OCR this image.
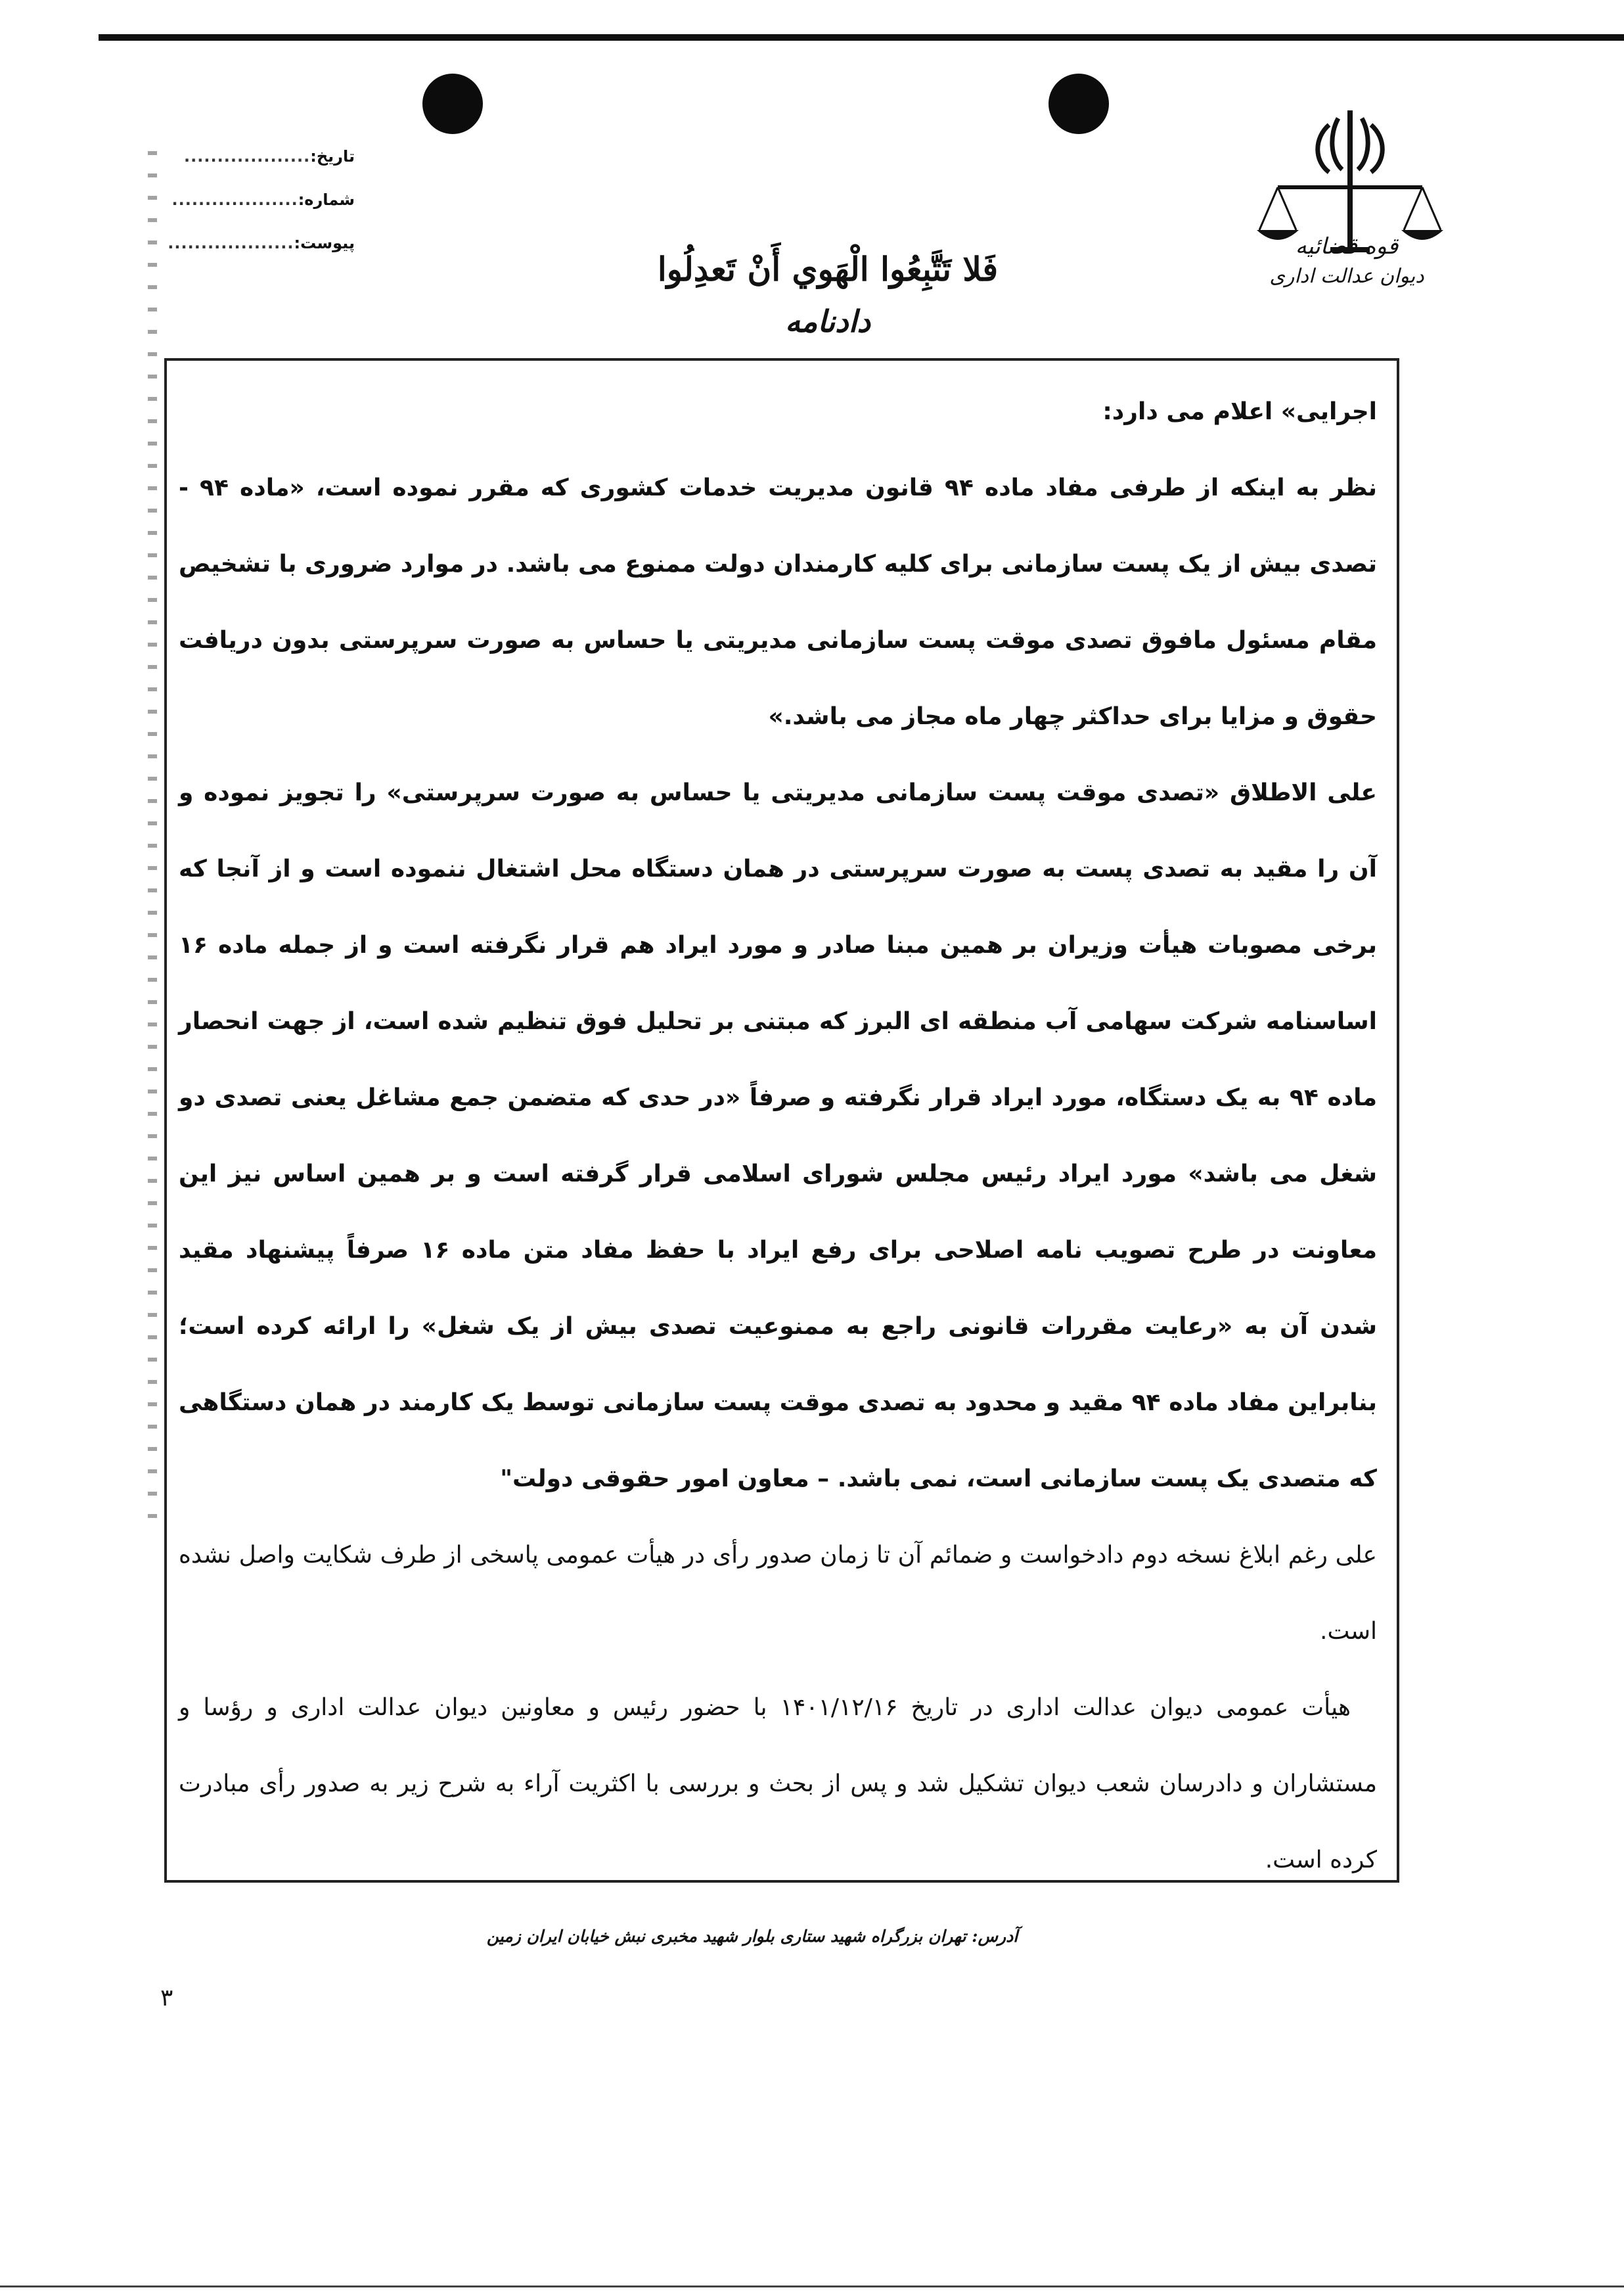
تاریخ:
...................
شماره:
...................
پیوست:
...................	قوه قضائیه
دیوان عدالت اداری
فَلا تَتَّبِعُوا الْهَوي أَنْ تَعدِلُوا
دادنامه

اجرایی» اعلام می دارد:

نظر به اینکه از طرفی مفاد ماده ۹۴ قانون مدیریت خدمات کشوری که مقرر نموده است، «ماده ۹۴ - تصدی بیش از یک پست سازمانی برای کلیه کارمندان دولت ممنوع می باشد. در موارد ضروری با تشخیص مقام مسئول مافوق تصدی موقت پست سازمانی مدیریتی یا حساس به صورت سرپرستی بدون دریافت حقوق و مزایا برای حداکثر چهار ماه مجاز می باشد.»

علی الاطلاق «تصدی موقت پست سازمانی مدیریتی یا حساس به صورت سرپرستی» را تجویز نموده و آن را مقید به تصدی پست به صورت سرپرستی در همان دستگاه محل اشتغال ننموده است و از آنجا که برخی مصوبات هیأت وزیران بر همین مبنا صادر و مورد ایراد هم قرار نگرفته است و از جمله ماده ۱۶ اساسنامه شرکت سهامی آب منطقه ای البرز که مبتنی بر تحلیل فوق تنظیم شده است، از جهت انحصار ماده ۹۴ به یک دستگاه، مورد ایراد قرار نگرفته و صرفاً «در حدی که متضمن جمع مشاغل یعنی تصدی دو شغل می باشد» مورد ایراد رئیس مجلس شورای اسلامی قرار گرفته است و بر همین اساس نیز این معاونت در طرح تصویب نامه اصلاحی برای رفع ایراد با حفظ مفاد متن ماده ۱۶ صرفاً پیشنهاد مقید شدن آن به «رعایت مقررات قانونی راجع به ممنوعیت تصدی بیش از یک شغل» را ارائه کرده است؛ بنابراین مفاد ماده ۹۴ مقید و محدود به تصدی موقت پست سازمانی توسط یک کارمند در همان دستگاهی که متصدی یک پست سازمانی است، نمی باشد. – معاون امور حقوقی دولت"

علی رغم ابلاغ نسخه دوم دادخواست و ضمائم آن تا زمان صدور رأی در هیأت عمومی پاسخی از طرف شکایت واصل نشده است.

هیأت عمومی دیوان عدالت اداری در تاریخ ۱۴۰۱/۱۲/۱۶ با حضور رئیس و معاونین دیوان عدالت اداری و رؤسا و مستشاران و دادرسان شعب دیوان تشکیل شد و پس از بحث و بررسی با اکثریت آراء به شرح زیر به صدور رأی مبادرت کرده است.

آدرس: تهران بزرگراه شهید ستاری بلوار شهید مخبری نبش خیابان ایران زمین
۳
